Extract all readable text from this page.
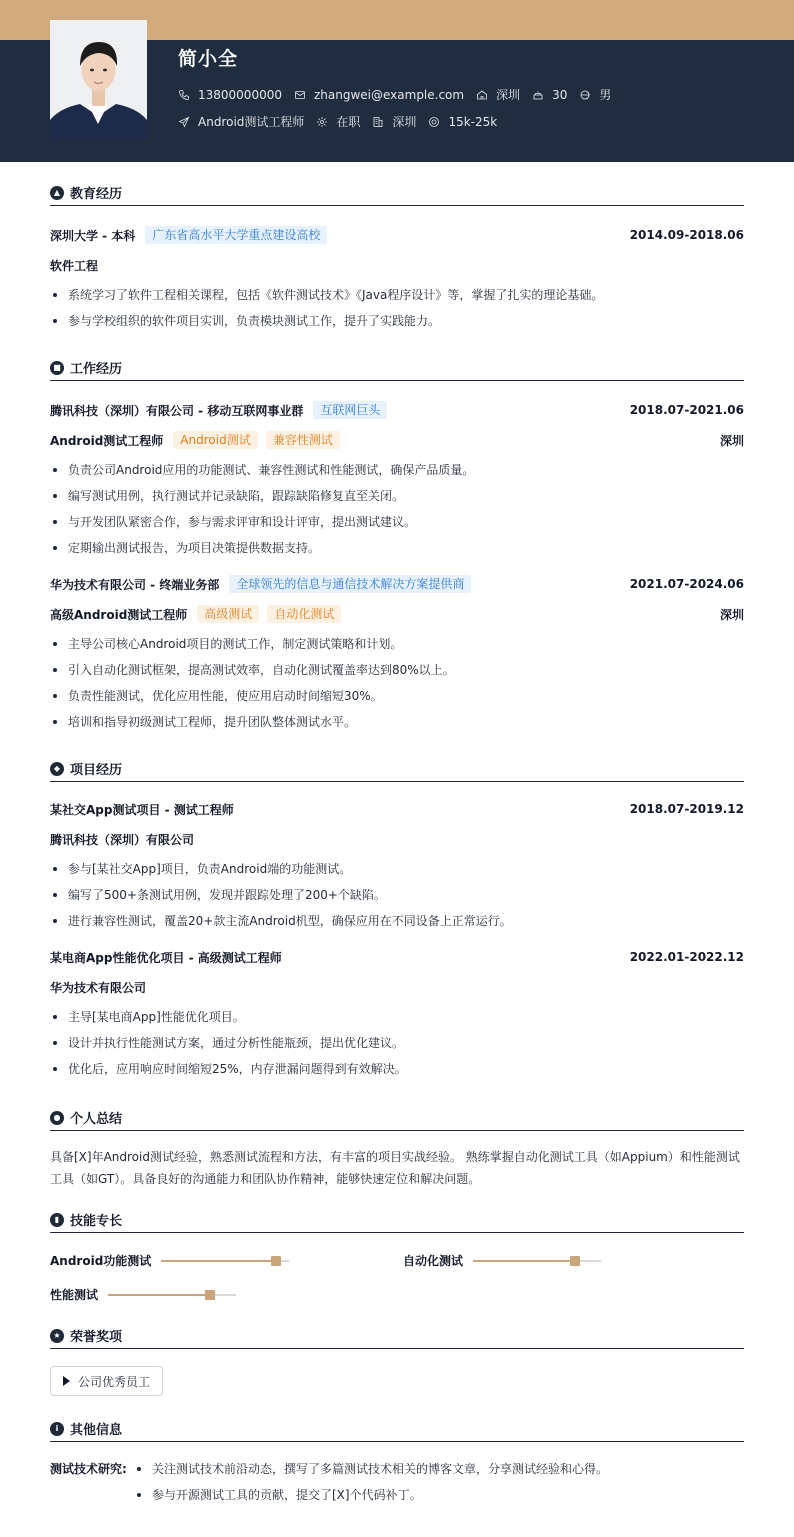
简小全
13800000000	zhangwei@example.com	深圳	30	男
Android测试工程师	在职	深圳	15k-25k
▲ 教育经历
深圳大学 - 本科	广东省高水平大学重点建设高校	2014.09-2018.06
软件工程
系统学习了软件工程相关课程，包括《软件测试技术》《Java程序设计》等，掌握了扎实的理论基础。
参与学校组织的软件项目实训，负责模块测试工作，提升了实践能力。
■ 工作经历
腾讯科技（深圳）有限公司 - 移动互联网事业群	互联网巨头	2018.07-2021.06
Android测试工程师	Android测试	兼容性测试	深圳
负责公司Android应用的功能测试、兼容性测试和性能测试，确保产品质量。
编写测试用例，执行测试并记录缺陷，跟踪缺陷修复直至关闭。
与开发团队紧密合作，参与需求评审和设计评审，提出测试建议。
定期输出测试报告，为项目决策提供数据支持。
华为技术有限公司 - 终端业务部	全球领先的信息与通信技术解决方案提供商	2021.07-2024.06
高级Android测试工程师	高级测试	自动化测试	深圳
主导公司核心Android项目的测试工作，制定测试策略和计划。
引入自动化测试框架，提高测试效率，自动化测试覆盖率达到80%以上。
负责性能测试，优化应用性能，使应用启动时间缩短30%。
培训和指导初级测试工程师，提升团队整体测试水平。
◆ 项目经历
某社交App测试项目 - 测试工程师	2018.07-2019.12
腾讯科技（深圳）有限公司
参与[某社交App]项目，负责Android端的功能测试。
编写了500+条测试用例，发现并跟踪处理了200+个缺陷。
进行兼容性测试，覆盖20+款主流Android机型，确保应用在不同设备上正常运行。
某电商App性能优化项目 - 高级测试工程师	2022.01-2022.12
华为技术有限公司
主导[某电商App]性能优化项目。
设计并执行性能测试方案，通过分析性能瓶颈，提出优化建议。
优化后，应用响应时间缩短25%，内存泄漏问题得到有效解决。
● 个人总结
具备[X]年Android测试经验，熟悉测试流程和方法，有丰富的项目实战经验。 熟练掌握自动化测试工具（如Appium）和性能测试工具（如GT）。具备良好的沟通能力和团队协作精神，能够快速定位和解决问题。
▮ 技能专长
Android功能测试	自动化测试
性能测试
★ 荣誉奖项
公司优秀员工
i 其他信息
测试技术研究:	关注测试技术前沿动态，撰写了多篇测试技术相关的博客文章，分享测试经验和心得。
参与开源测试工具的贡献，提交了[X]个代码补丁。
